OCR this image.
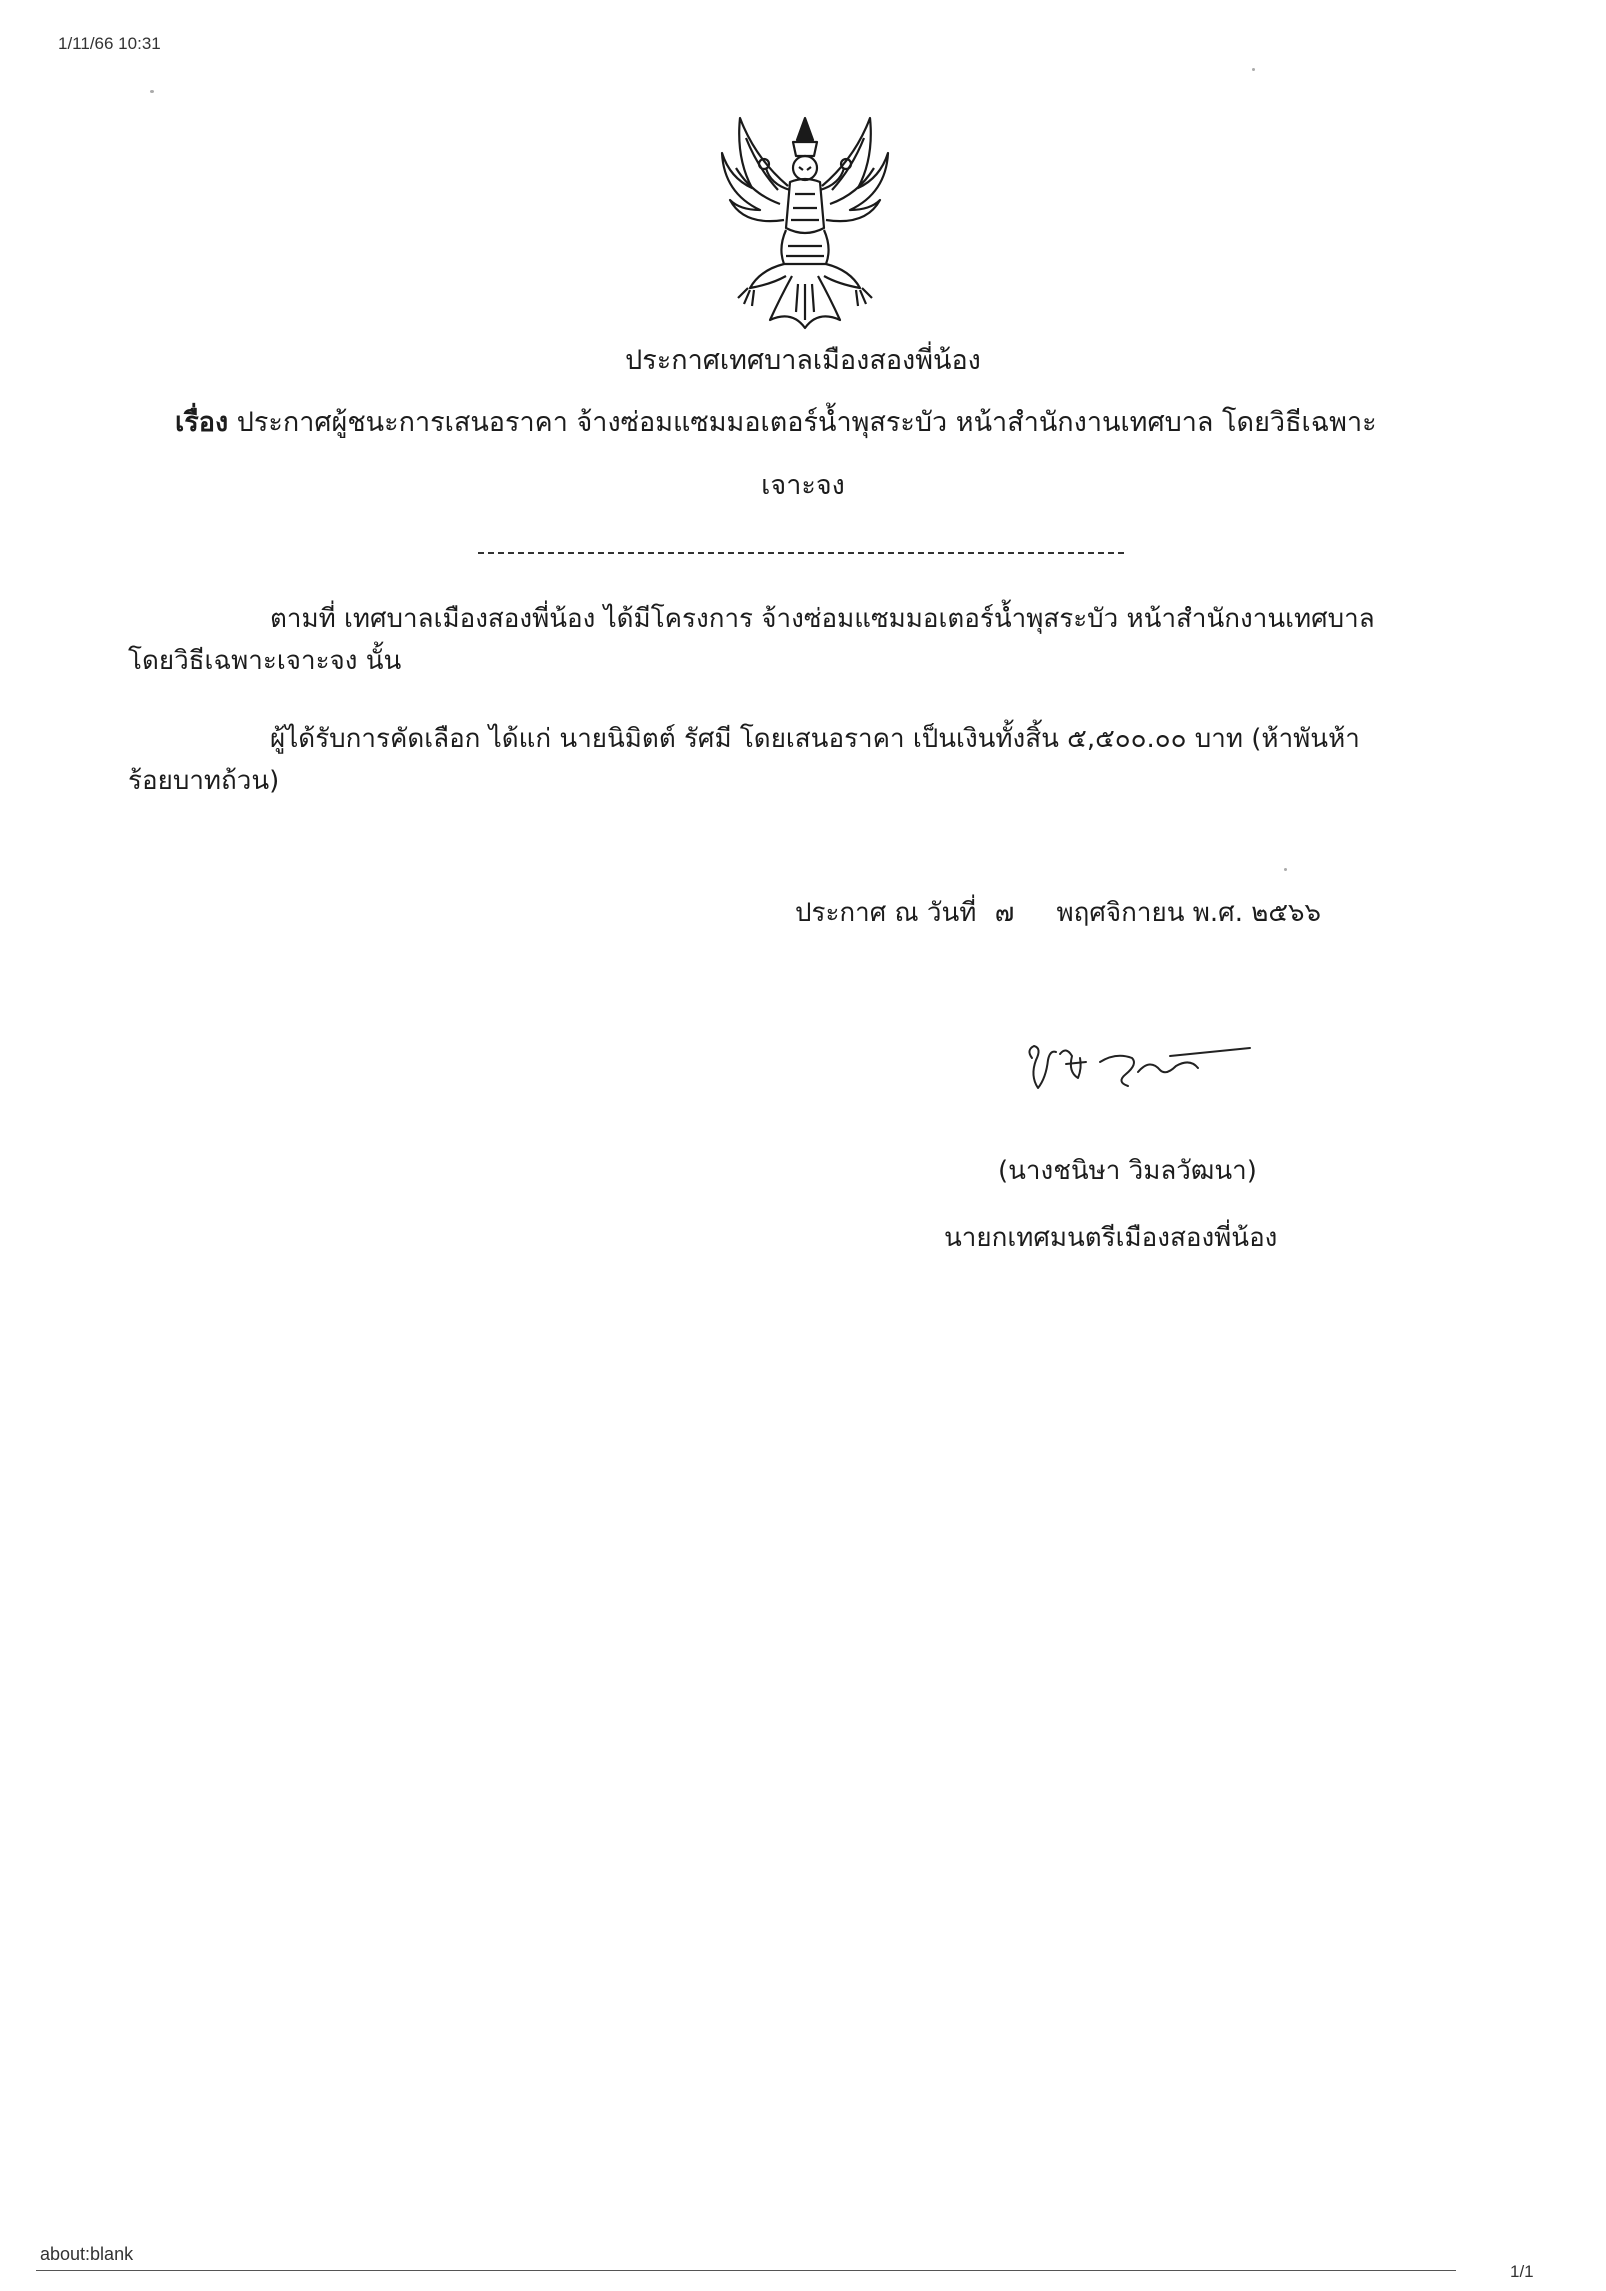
1/11/66 10:31
ประกาศเทศบาลเมืองสองพี่น้อง
เรื่อง ประกาศผู้ชนะการเสนอราคา จ้างซ่อมแซมมอเตอร์น้ำพุสระบัว หน้าสำนักงานเทศบาล โดยวิธีเฉพาะ
เจาะจง
ตามที่ เทศบาลเมืองสองพี่น้อง ได้มีโครงการ จ้างซ่อมแซมมอเตอร์น้ำพุสระบัว หน้าสำนักงานเทศบาล
โดยวิธีเฉพาะเจาะจง นั้น
ผู้ได้รับการคัดเลือก ได้แก่ นายนิมิตต์ รัศมี โดยเสนอราคา เป็นเงินทั้งสิ้น ๕,๕๐๐.๐๐ บาท (ห้าพันห้า
ร้อยบาทถ้วน)
ประกาศ ณ วันที่ ๗ พฤศจิกายน พ.ศ. ๒๕๖๖
(นางชนิษา วิมลวัฒนา)
นายกเทศมนตรีเมืองสองพี่น้อง
about:blank
1/1
